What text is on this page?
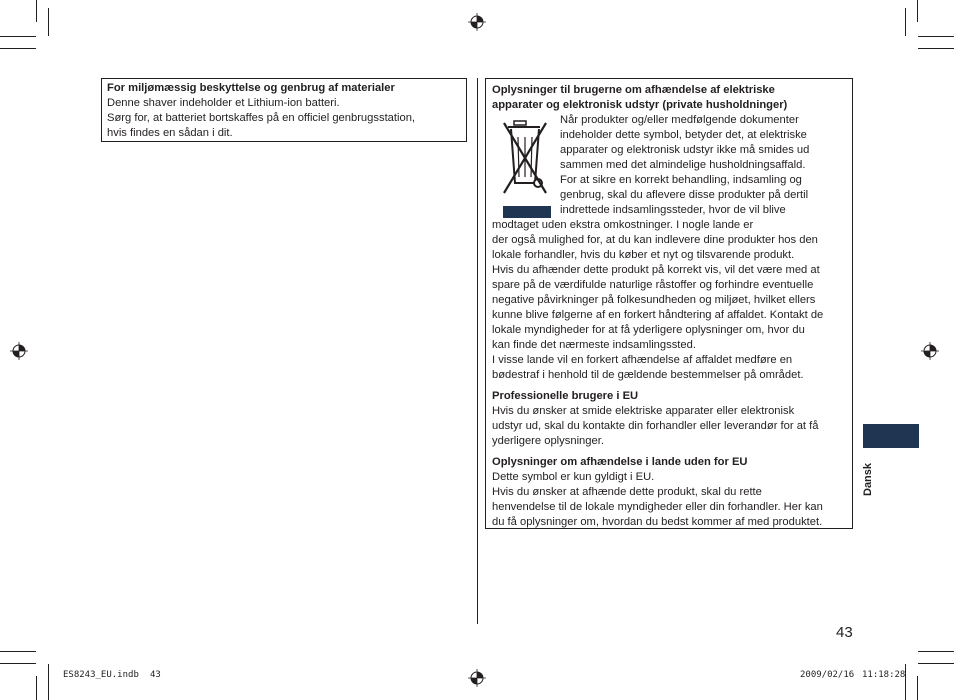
For miljømæssig beskyttelse og genbrug af materialer

Denne shaver indeholder et Lithium-ion batteri.

Sørg for, at batteriet bortskaffes på en officiel genbrugsstation,

hvis findes en sådan i dit.

Oplysninger til brugerne om afhændelse af elektriske

apparater og elektronisk udstyr (private husholdninger)

Når produkter og/eller medfølgende dokumenter

indeholder dette symbol, betyder det, at elektriske

apparater og elektronisk udstyr ikke må smides ud

sammen med det almindelige husholdningsaffald.

For at sikre en korrekt behandling, indsamling og

genbrug, skal du aflevere disse produkter på dertil

indrettede indsamlingssteder, hvor de vil blive

modtaget uden ekstra omkostninger. I nogle lande er

der også mulighed for, at du kan indlevere dine produkter hos den

lokale forhandler, hvis du køber et nyt og tilsvarende produkt.

Hvis du afhænder dette produkt på korrekt vis, vil det være med at

spare på de værdifulde naturlige råstoffer og forhindre eventuelle

negative påvirkninger på folkesundheden og miljøet, hvilket ellers

kunne blive følgerne af en forkert håndtering af affaldet. Kontakt de

lokale myndigheder for at få yderligere oplysninger om, hvor du

kan finde det nærmeste indsamlingssted.

I visse lande vil en forkert afhændelse af affaldet medføre en

bødestraf i henhold til de gældende bestemmelser på området.

Professionelle brugere i EU

Hvis du ønsker at smide elektriske apparater eller elektronisk

udstyr ud, skal du kontakte din forhandler eller leverandør for at få

yderligere oplysninger.

Oplysninger om afhændelse i lande uden for EU

Dette symbol er kun gyldigt i EU.

Hvis du ønsker at afhænde dette produkt, skal du rette

henvendelse til de lokale myndigheder eller din forhandler. Her kan

du få oplysninger om, hvordan du bedst kommer af med produktet.

Dansk
43
ES8243_EU.indb 43	2009/02/16 11:18:28
